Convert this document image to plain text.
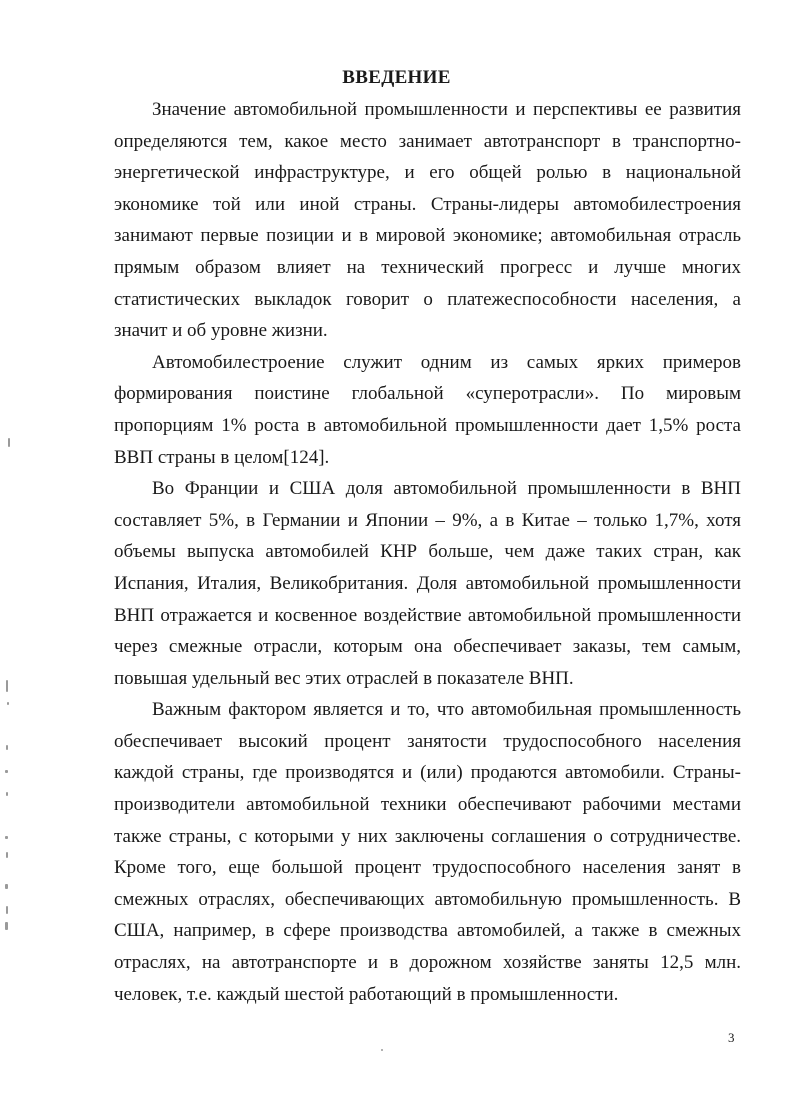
ВВЕДЕНИЕ

Значение автомобильной промышленности и перспективы ее развития определяются тем, какое место занимает автотранспорт в транспортно-энергетической инфраструктуре, и его общей ролью в национальной экономике той или иной страны. Страны-лидеры автомобилестроения занимают первые позиции и в мировой экономике; автомобильная отрасль прямым образом влияет на технический прогресс и лучше многих статистических выкладок говорит о платежеспособности населения, а значит и об уровне жизни.

Автомобилестроение служит одним из самых ярких примеров формирования поистине глобальной «суперотрасли». По мировым пропорциям 1% роста в автомобильной промышленности дает 1,5% роста ВВП страны в целом[124].

Во Франции и США доля автомобильной промышленности в ВНП составляет 5%, в Германии и Японии – 9%, а в Китае – только 1,7%, хотя объемы выпуска автомобилей КНР больше, чем даже таких стран, как Испания, Италия, Великобритания. Доля автомобильной промышленности ВНП отражается и косвенное воздействие автомобильной промышленности через смежные отрасли, которым она обеспечивает заказы, тем самым, повышая удельный вес этих отраслей в показателе ВНП.

Важным фактором является и то, что автомобильная промышленность обеспечивает высокий процент занятости трудоспособного населения каждой страны, где производятся и (или) продаются автомобили. Страны-производители автомобильной техники обеспечивают рабочими местами также страны, с которыми у них заключены соглашения о сотрудничестве. Кроме того, еще большой процент трудоспособного населения занят в смежных отраслях, обеспечивающих автомобильную промышленность. В США, например, в сфере производства автомобилей, а также в смежных отраслях, на автотранспорте и в дорожном хозяйстве заняты 12,5 млн. человек, т.е. каждый шестой работающий в промышленности.

3
